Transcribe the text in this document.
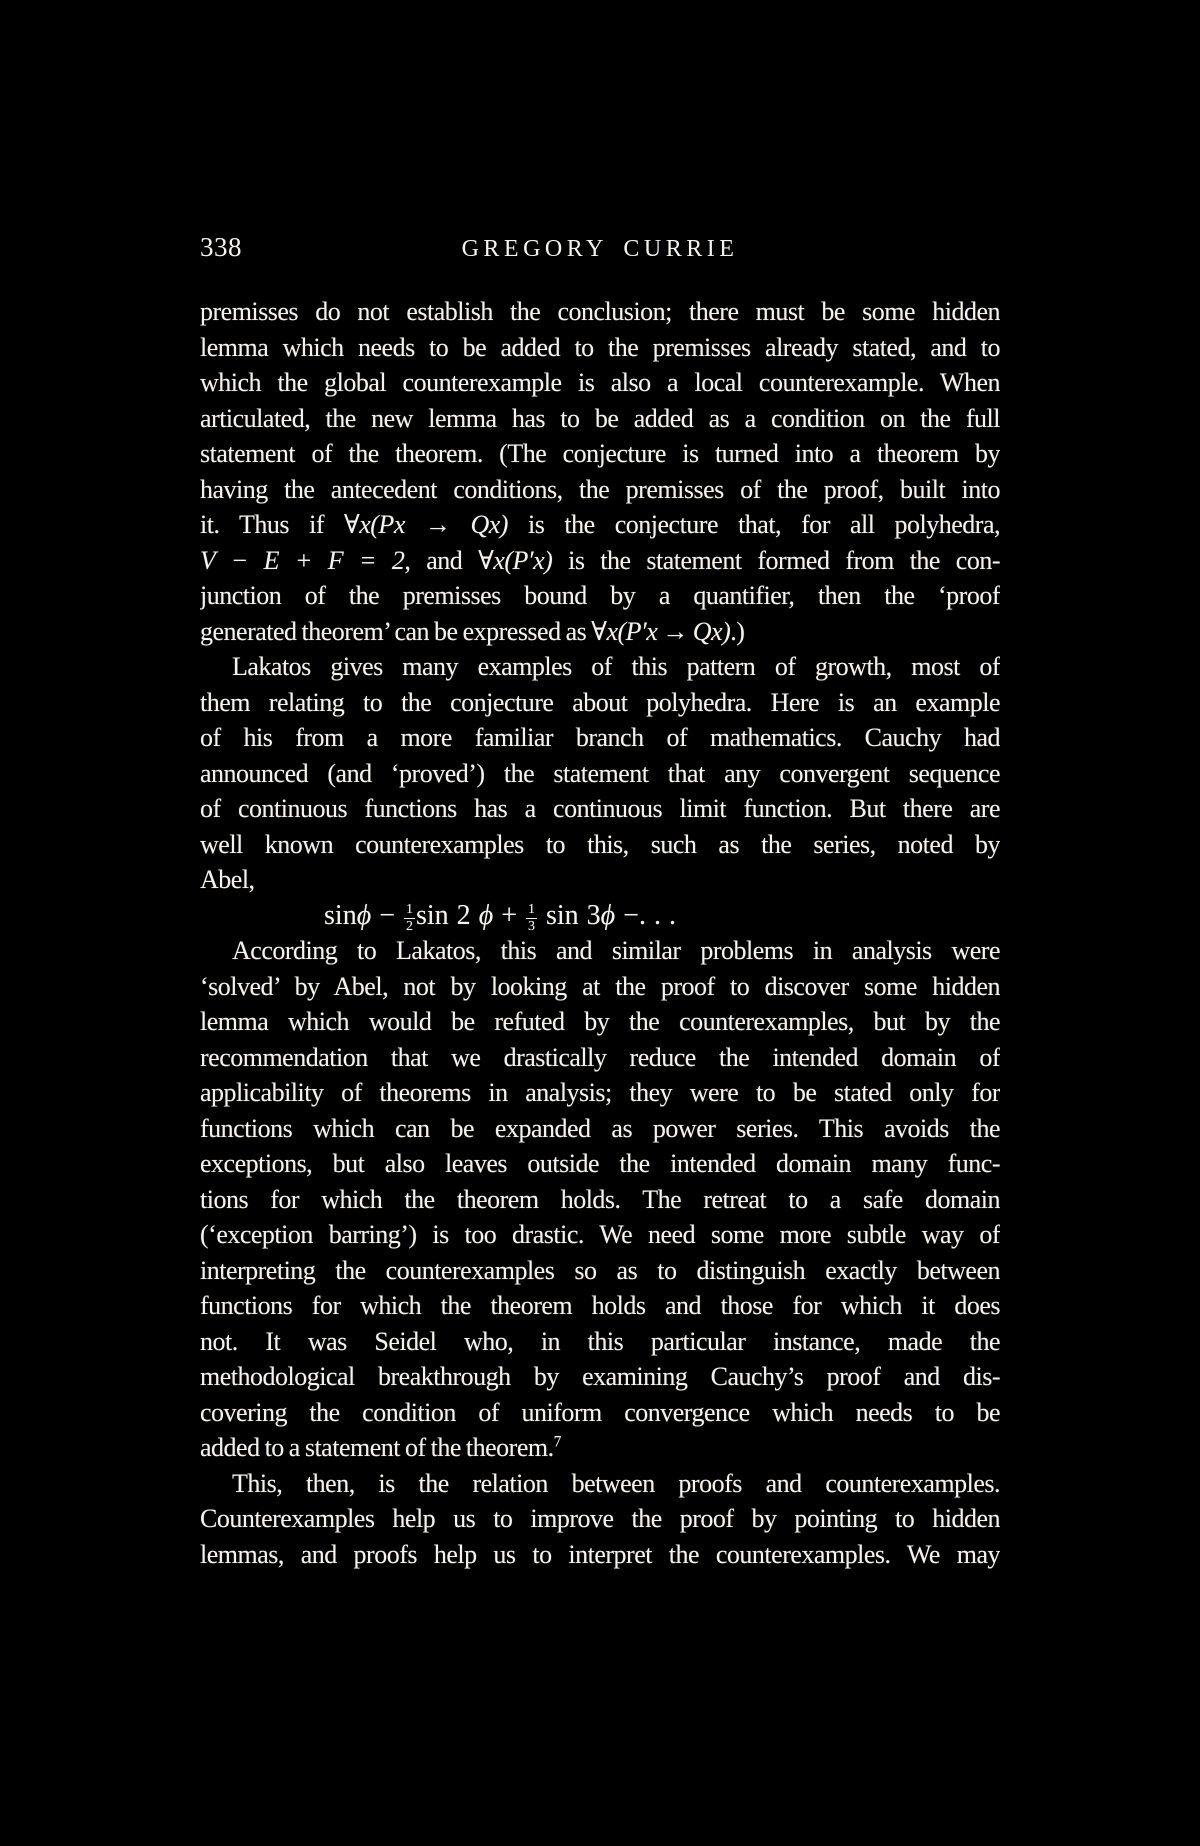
338	GREGORY CURRIE
premisses do not establish the conclusion; there must be some hidden
lemma which needs to be added to the premisses already stated, and to
which the global counterexample is also a local counterexample. When
articulated, the new lemma has to be added as a condition on the full
statement of the theorem. (The conjecture is turned into a theorem by
having the antecedent conditions, the premisses of the proof, built into
it. Thus if ∀x(Px → Qx) is the conjecture that, for all polyhedra,
V − E + F = 2, and ∀x(P′x) is the statement formed from the con-
junction of the premisses bound by a quantifier, then the ‘proof
generated theorem’ can be expressed as ∀x(P′x → Qx).)
Lakatos gives many examples of this pattern of growth, most of
them relating to the conjecture about polyhedra. Here is an example
of his from a more familiar branch of mathematics. Cauchy had
announced (and ‘proved’) the statement that any convergent sequence
of continuous functions has a continuous limit function. But there are
well known counterexamples to this, such as the series, noted by
Abel,
$\sin\phi - \frac{1}{2}$ sin 2 $\phi + \frac{1}{3}$ sin 3ϕ −. . .
According to Lakatos, this and similar problems in analysis were
‘solved’ by Abel, not by looking at the proof to discover some hidden
lemma which would be refuted by the counterexamples, but by the
recommendation that we drastically reduce the intended domain of
applicability of theorems in analysis; they were to be stated only for
functions which can be expanded as power series. This avoids the
exceptions, but also leaves outside the intended domain many func-
tions for which the theorem holds. The retreat to a safe domain
(‘exception barring’) is too drastic. We need some more subtle way of
interpreting the counterexamples so as to distinguish exactly between
functions for which the theorem holds and those for which it does
not. It was Seidel who, in this particular instance, made the
methodological breakthrough by examining Cauchy’s proof and dis-
covering the condition of uniform convergence which needs to be
added to a statement of the theorem.$^7$
This, then, is the relation between proofs and counterexamples.
Counterexamples help us to improve the proof by pointing to hidden
lemmas, and proofs help us to interpret the counterexamples. We may
